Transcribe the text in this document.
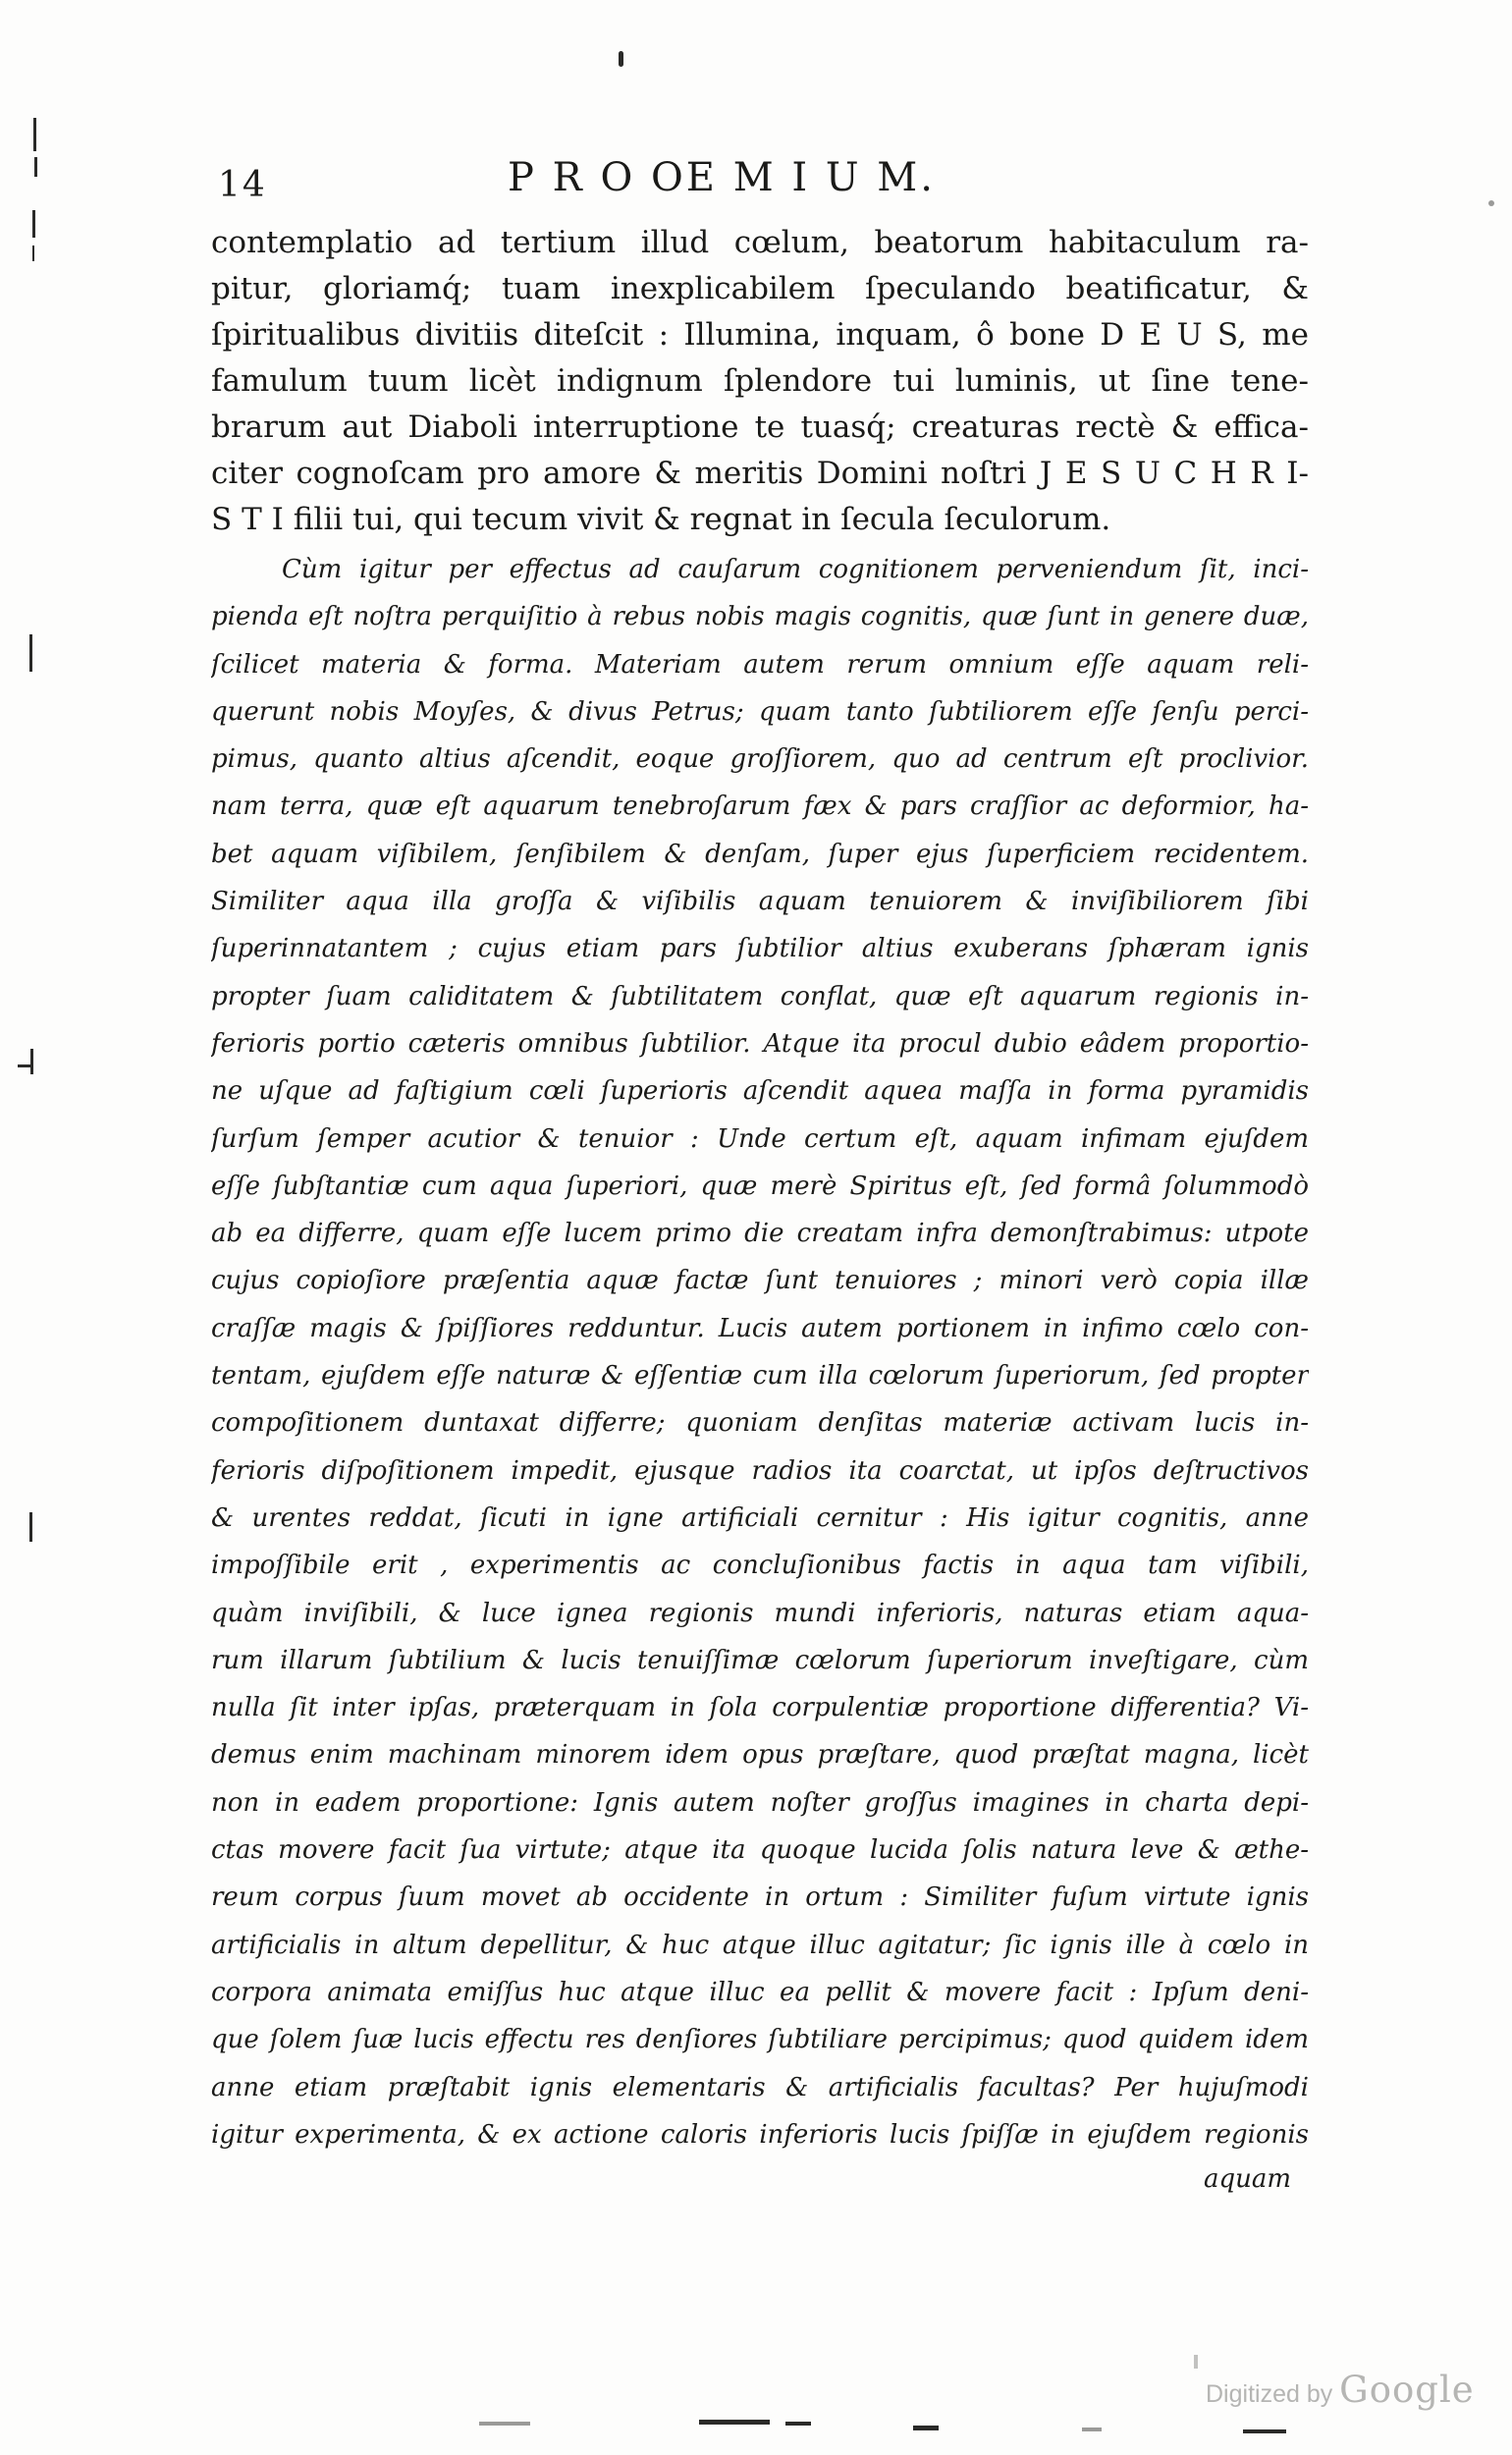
14	P R O OE M I U M.
contemplatio ad tertium illud cœlum, beatorum habitaculum ra-
pitur, gloriamq́; tuam inexplicabilem ſpeculando beatificatur, &
ſpiritualibus divitiis diteſcit : Illumina, inquam, ô bone D E U S, me
famulum tuum licèt indignum ſplendore tui luminis, ut ſine tene-
brarum aut Diaboli interruptione te tuasq́; creaturas rectè & effica-
citer cognoſcam pro amore & meritis Domini noſtri J E S U C H R I-
S T I filii tui, qui tecum vivit & regnat in ſecula ſeculorum.
Cùm igitur per effectus ad cauſarum cognitionem perveniendum ſit, inci-
pienda eſt noſtra perquiſitio à rebus nobis magis cognitis, quæ ſunt in genere duæ,
ſcilicet materia & forma. Materiam autem rerum omnium eſſe aquam reli-
querunt nobis Moyſes, & divus Petrus; quam tanto ſubtiliorem eſſe ſenſu perci-
pimus, quanto altius aſcendit, eoque groſſiorem, quo ad centrum eſt proclivior.
nam terra, quæ eſt aquarum tenebroſarum fæx & pars craſſior ac deformior, ha-
bet aquam viſibilem, ſenſibilem & denſam, ſuper ejus ſuperficiem recidentem.
Similiter aqua illa groſſa & viſibilis aquam tenuiorem & inviſibiliorem ſibi
ſuperinnatantem ; cujus etiam pars ſubtilior altius exuberans ſphæram ignis
propter ſuam caliditatem & ſubtilitatem conflat, quæ eſt aquarum regionis in-
ferioris portio cæteris omnibus ſubtilior. Atque ita procul dubio eâdem proportio-
ne uſque ad faſtigium cœli ſuperioris aſcendit aquea maſſa in forma pyramidis
ſurſum ſemper acutior & tenuior : Unde certum eſt, aquam infimam ejuſdem
eſſe ſubſtantiæ cum aqua ſuperiori, quæ merè Spiritus eſt, ſed formâ ſolummodò
ab ea differre, quam eſſe lucem primo die creatam infra demonſtrabimus: utpote
cujus copioſiore præſentia aquæ factæ ſunt tenuiores ; minori verò copia illæ
craſſæ magis & ſpiſſiores redduntur. Lucis autem portionem in infimo cœlo con-
tentam, ejuſdem eſſe naturæ & eſſentiæ cum illa cœlorum ſuperiorum, ſed propter
compoſitionem duntaxat differre; quoniam denſitas materiæ activam lucis in-
ferioris diſpoſitionem impedit, ejusque radios ita coarctat, ut ipſos deſtructivos
& urentes reddat, ſicuti in igne artificiali cernitur : His igitur cognitis, anne
impoſſibile erit , experimentis ac concluſionibus factis in aqua tam viſibili,
quàm inviſibili, & luce ignea regionis mundi inferioris, naturas etiam aqua-
rum illarum ſubtilium & lucis tenuiſſimæ cœlorum ſuperiorum inveſtigare, cùm
nulla ſit inter ipſas, præterquam in ſola corpulentiæ proportione differentia? Vi-
demus enim machinam minorem idem opus præſtare, quod præſtat magna, licèt
non in eadem proportione: Ignis autem noſter groſſus imagines in charta depi-
ctas movere facit ſua virtute; atque ita quoque lucida ſolis natura leve & æthe-
reum corpus ſuum movet ab occidente in ortum : Similiter fuſum virtute ignis
artificialis in altum depellitur, & huc atque illuc agitatur; ſic ignis ille à cœlo in
corpora animata emiſſus huc atque illuc ea pellit & movere facit : Ipſum deni-
que ſolem ſuæ lucis effectu res denſiores ſubtiliare percipimus; quod quidem idem
anne etiam præſtabit ignis elementaris & artificialis facultas? Per hujuſmodi
igitur experimenta, & ex actione caloris inferioris lucis ſpiſſæ in ejuſdem regionis
aquam
Digitized by Google
